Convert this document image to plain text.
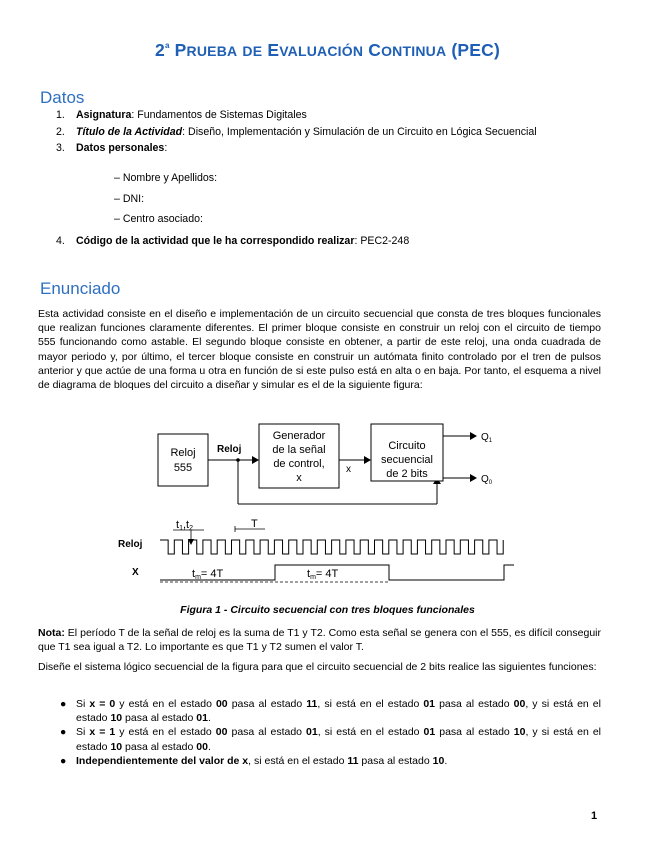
2$^a$ PRUEBA DE EVALUACIÓN CONTINUA (PEC)
Datos
1. Asignatura: Fundamentos de Sistemas Digitales
2. Título de la Actividad: Diseño, Implementación y Simulación de un Circuito en Lógica Secuencial
3. Datos personales:
– Nombre y Apellidos:
– DNI:
– Centro asociado:
4. Código de la actividad que le ha correspondido realizar: PEC2-248
Enunciado

Esta actividad consiste en el diseño e implementación de un circuito secuencial que consta de tres bloques funcionales que realizan funciones claramente diferentes. El primer bloque consiste en construir un reloj con el circuito de tiempo 555 funcionando como astable. El segundo bloque consiste en obtener, a partir de este reloj, una onda cuadrada de mayor periodo y, por último, el tercer bloque consiste en construir un autómata finito controlado por el tren de pulsos anterior y que actúe de una forma u otra en función de si este pulso está en alta o en baja. Por tanto, el esquema a nivel de diagrama de bloques del circuito a diseñar y simular es el de la siguiente figura:

Reloj
555
Reloj
Generador
de la señal
de control,
x
x
Circuito
secuencial
de 2 bits
$Q_1$
$Q_0$
t1,t2	T
Reloj
X	tm= 4T	tm= 4T
Figura 1 - Circuito secuencial con tres bloques funcionales

Nota: El período T de la señal de reloj es la suma de T1 y T2. Como esta señal se genera con el 555, es difícil conseguir que T1 sea igual a T2. Lo importante es que T1 y T2 sumen el valor T.

Diseñe el sistema lógico secuencial de la figura para que el circuito secuencial de 2 bits realice las siguientes funciones:

● Si x = 0 y está en el estado 00 pasa al estado 11, si está en el estado 01 pasa al estado 00, y si está en el estado 10 pasa al estado 01.
● Si x = 1 y está en el estado 00 pasa al estado 01, si está en el estado 01 pasa al estado 10, y si está en el estado 10 pasa al estado 00.
● Independientemente del valor de x, si está en el estado 11 pasa al estado 10.
1
